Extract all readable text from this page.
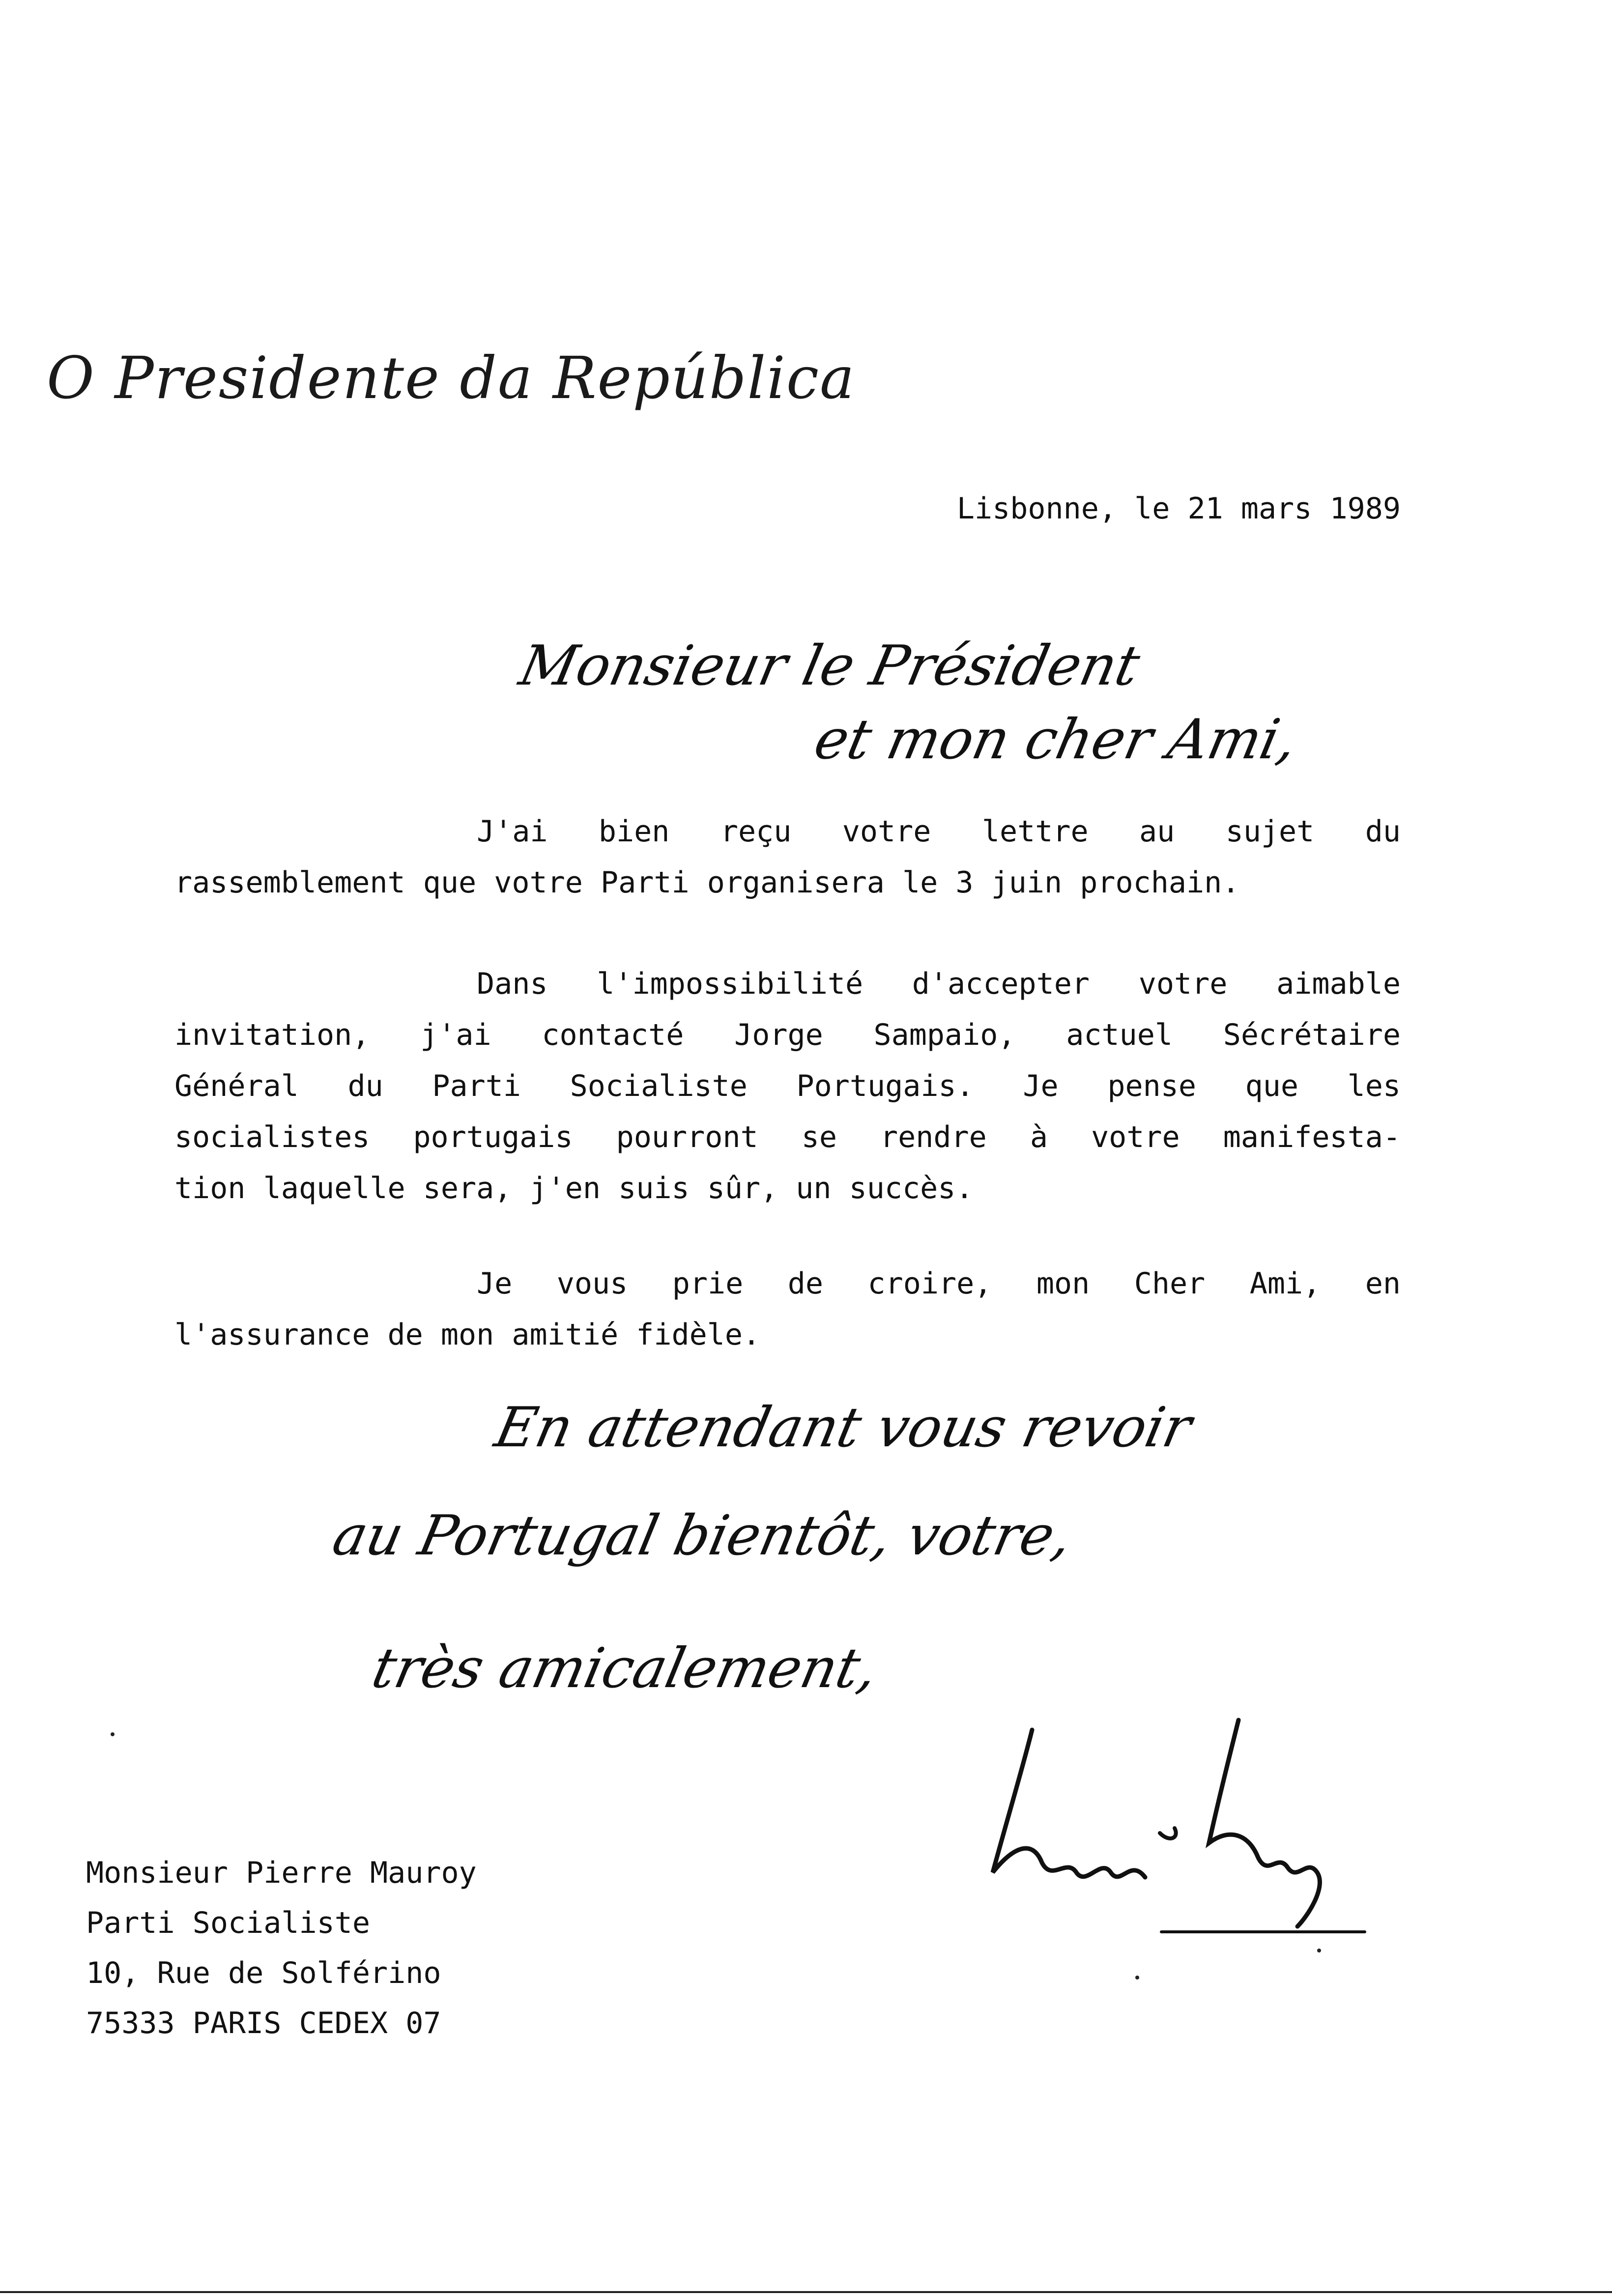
O Presidente da República
Lisbonne, le 21 mars 1989
Monsieur le Président
et mon cher Ami,
J'ai bien reçu votre lettre au sujet du
rassemblement que votre Parti organisera le 3 juin prochain.
Dans l'impossibilité d'accepter votre aimable
invitation, j'ai contacté Jorge Sampaio, actuel Sécrétaire
Général du Parti Socialiste Portugais. Je pense que les
socialistes portugais pourront se rendre à votre manifesta-
tion laquelle sera, j'en suis sûr, un succès.
Je vous prie de croire, mon Cher Ami, en
l'assurance de mon amitié fidèle.
En attendant vous revoir
au Portugal bientôt, votre,
très amicalement,
Monsieur Pierre Mauroy
Parti Socialiste
10, Rue de Solférino
75333 PARIS CEDEX 07
